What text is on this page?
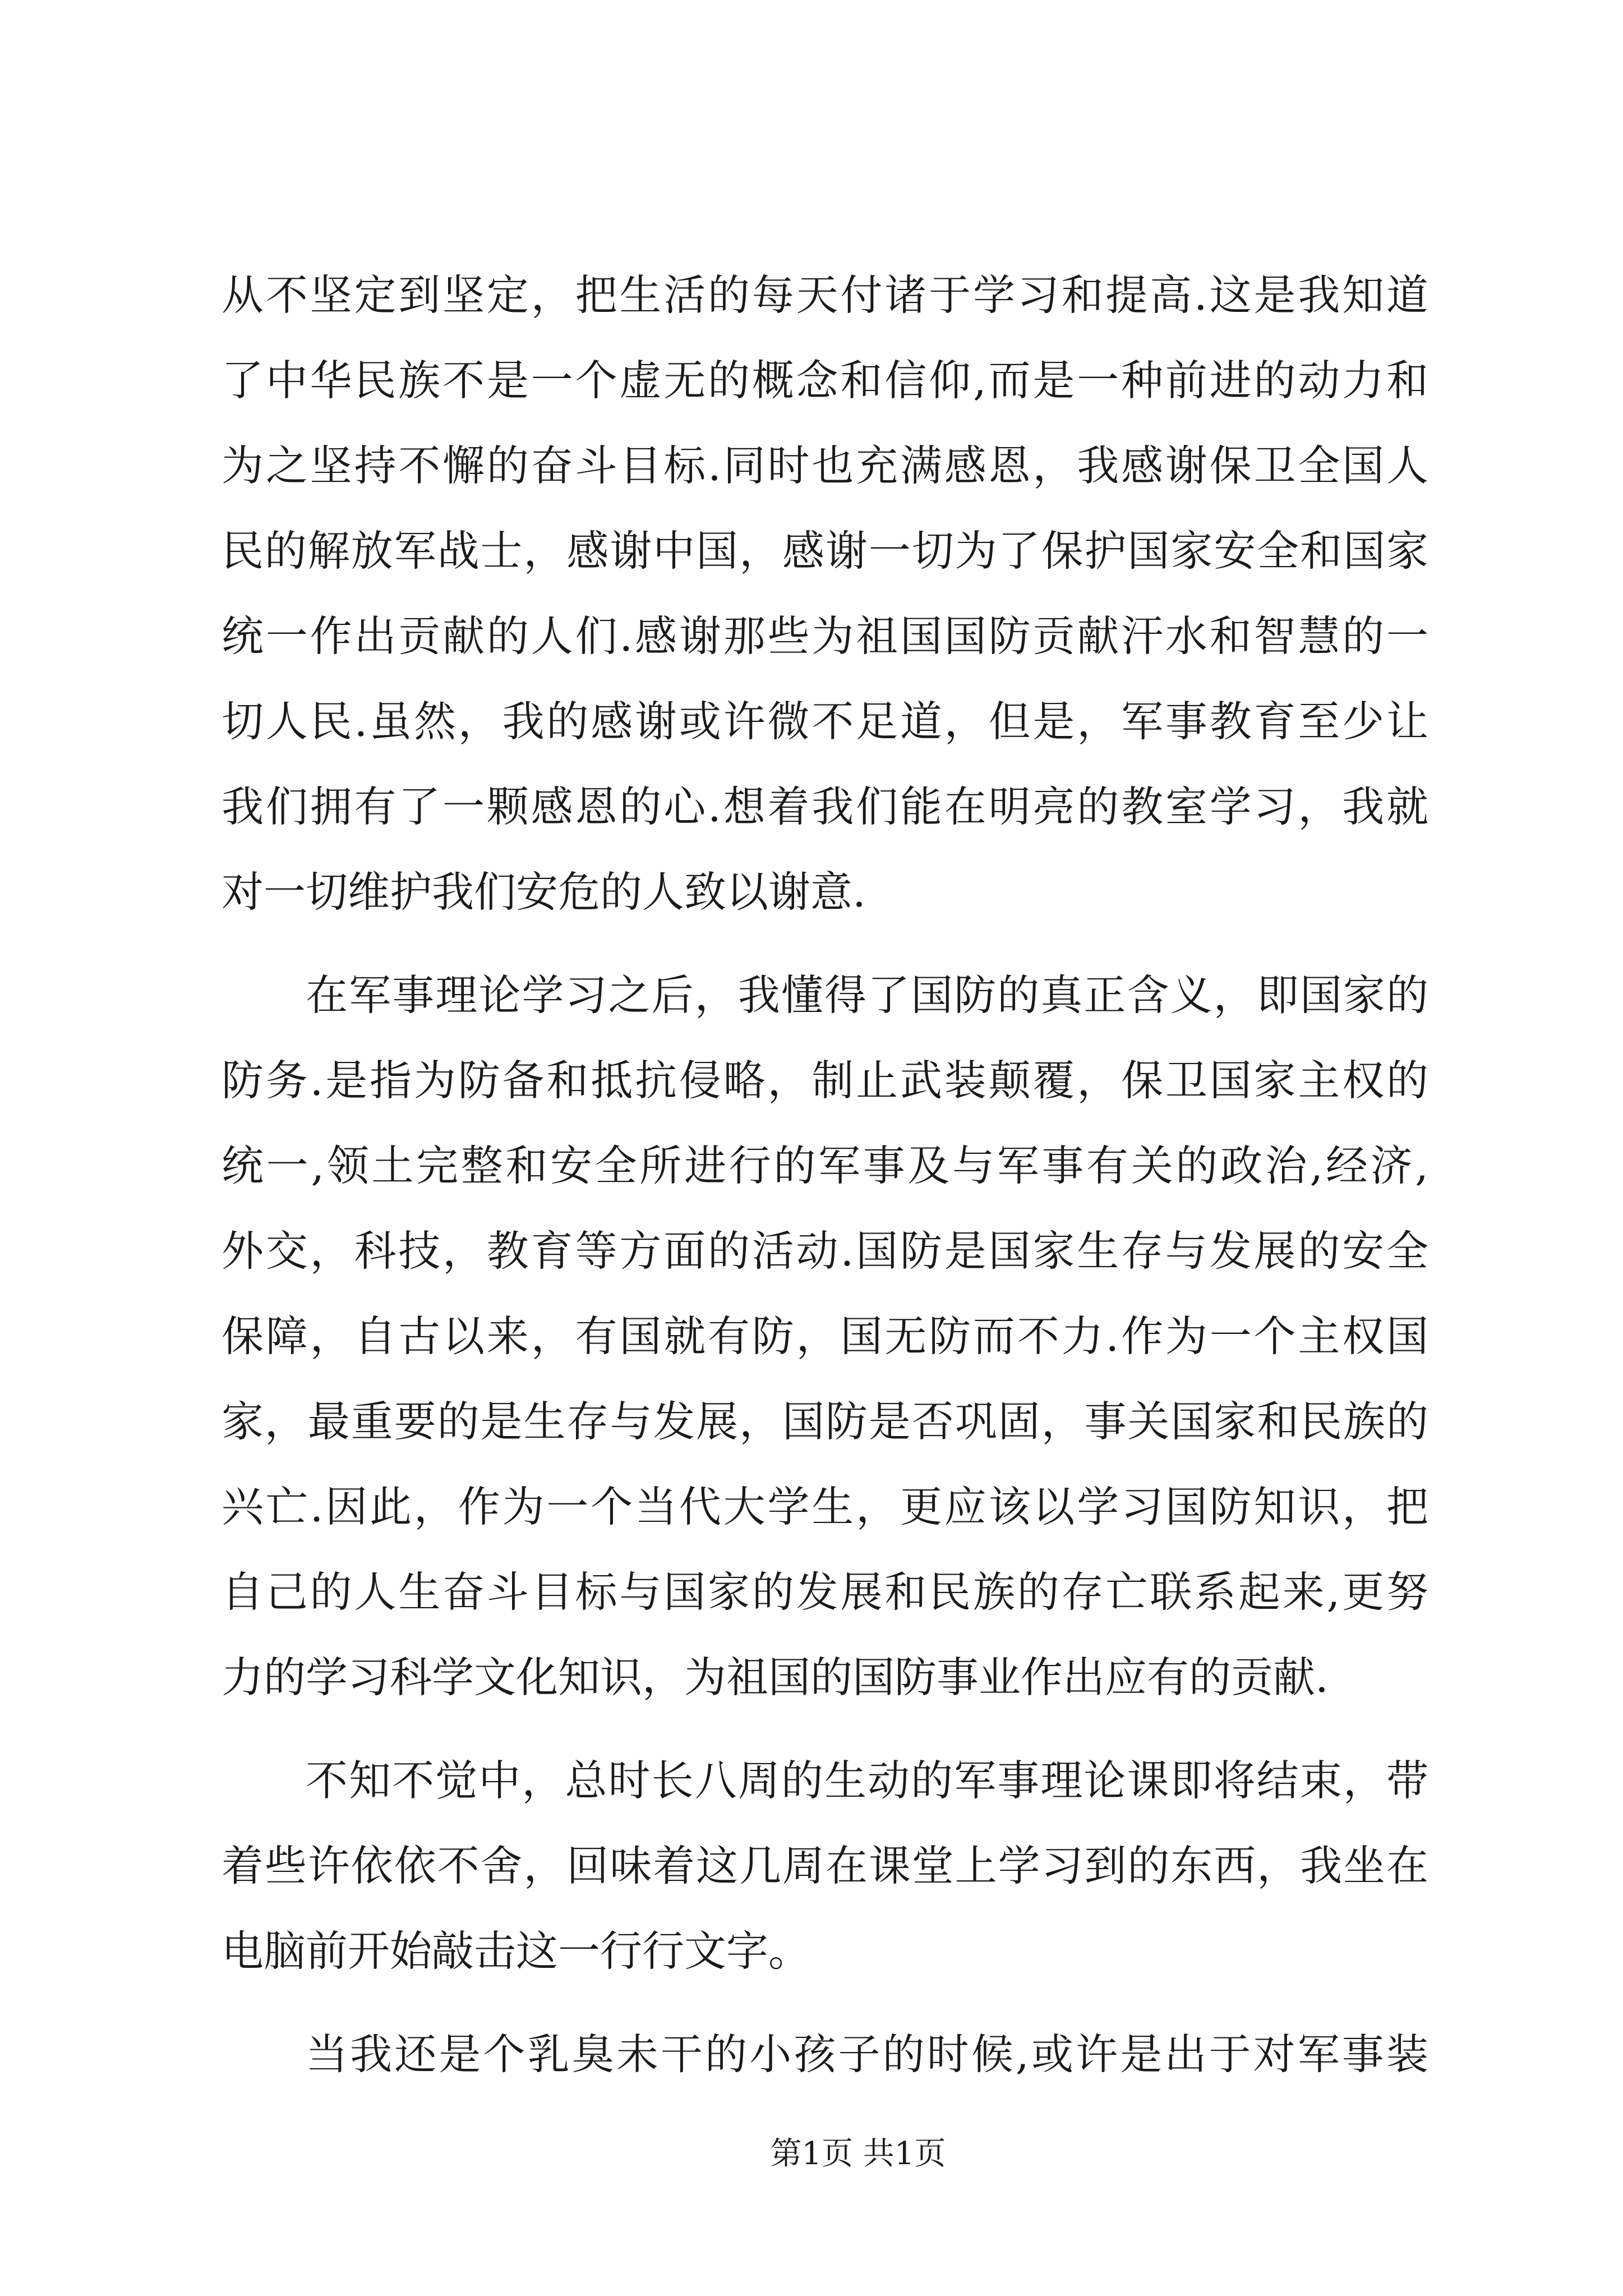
从不坚定到坚定，把生活的每天付诸于学习和提高.这是我知道
了中华民族不是一个虚无的概念和信仰,而是一种前进的动力和
为之坚持不懈的奋斗目标.同时也充满感恩，我感谢保卫全国人
民的解放军战士，感谢中国，感谢一切为了保护国家安全和国家
统一作出贡献的人们.感谢那些为祖国国防贡献汗水和智慧的一
切人民.虽然，我的感谢或许微不足道，但是，军事教育至少让
我们拥有了一颗感恩的心.想着我们能在明亮的教室学习，我就
对一切维护我们安危的人致以谢意.
在军事理论学习之后，我懂得了国防的真正含义，即国家的
防务.是指为防备和抵抗侵略，制止武装颠覆，保卫国家主权的
统一,领土完整和安全所进行的军事及与军事有关的政治,经济,
外交，科技，教育等方面的活动.国防是国家生存与发展的安全
保障，自古以来，有国就有防，国无防而不力.作为一个主权国
家，最重要的是生存与发展，国防是否巩固，事关国家和民族的
兴亡.因此，作为一个当代大学生，更应该以学习国防知识，把
自己的人生奋斗目标与国家的发展和民族的存亡联系起来,更努
力的学习科学文化知识，为祖国的国防事业作出应有的贡献.
不知不觉中，总时长八周的生动的军事理论课即将结束，带
着些许依依不舍，回味着这几周在课堂上学习到的东西，我坐在
电脑前开始敲击这一行行文字。
当我还是个乳臭未干的小孩子的时候,或许是出于对军事装
第1页 共1页
